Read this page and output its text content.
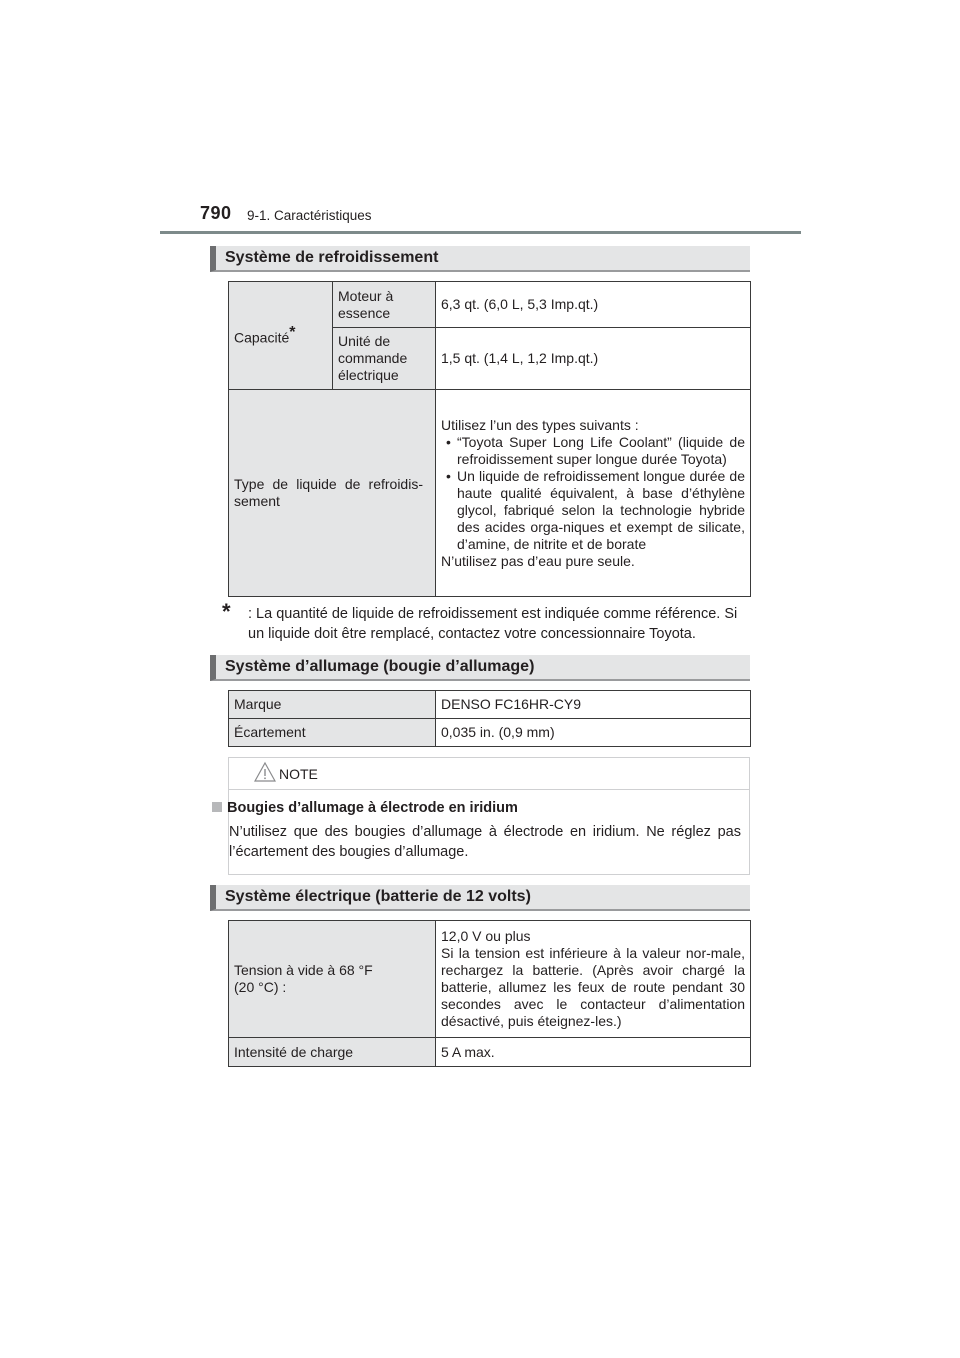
790 9-1. Caractéristiques
Système de refroidissement
Capacité*	Moteur à essence	6,3 qt. (6,0 L, 5,3 Imp.qt.)
	Unité de commande électrique	1,5 qt. (1,4 L, 1,2 Imp.qt.)
Type de liquide de refroidis-sement		Utilisez l’un des types suivants :
• “Toyota Super Long Life Coolant” (liquide de refroidissement super longue durée Toyota)
• Un liquide de refroidissement longue durée de haute qualité équivalent, à base d’éthylène glycol, fabriqué selon la technologie hybride des acides orga-niques et exempt de silicate, d’amine, de nitrite et de borate
N’utilisez pas d’eau pure seule.
* : La quantité de liquide de refroidissement est indiquée comme référence. Si un liquide doit être remplacé, contactez votre concessionnaire Toyota.
Système d’allumage (bougie d’allumage)
Marque	DENSO FC16HR-CY9
Écartement	0,035 in. (0,9 mm)
NOTE
Bougies d’allumage à électrode en iridium
N’utilisez que des bougies d’allumage à électrode en iridium. Ne réglez pas l’écartement des bougies d’allumage.
Système électrique (batterie de 12 volts)
Tension à vide à 68 °F
(20 °C) :	12,0 V ou plus
Si la tension est inférieure à la valeur nor-male, rechargez la batterie. (Après avoir chargé la batterie, allumez les feux de route pendant 30 secondes avec le contacteur d’alimentation désactivé, puis éteignez-les.)

Intensité de charge	5 A max.
